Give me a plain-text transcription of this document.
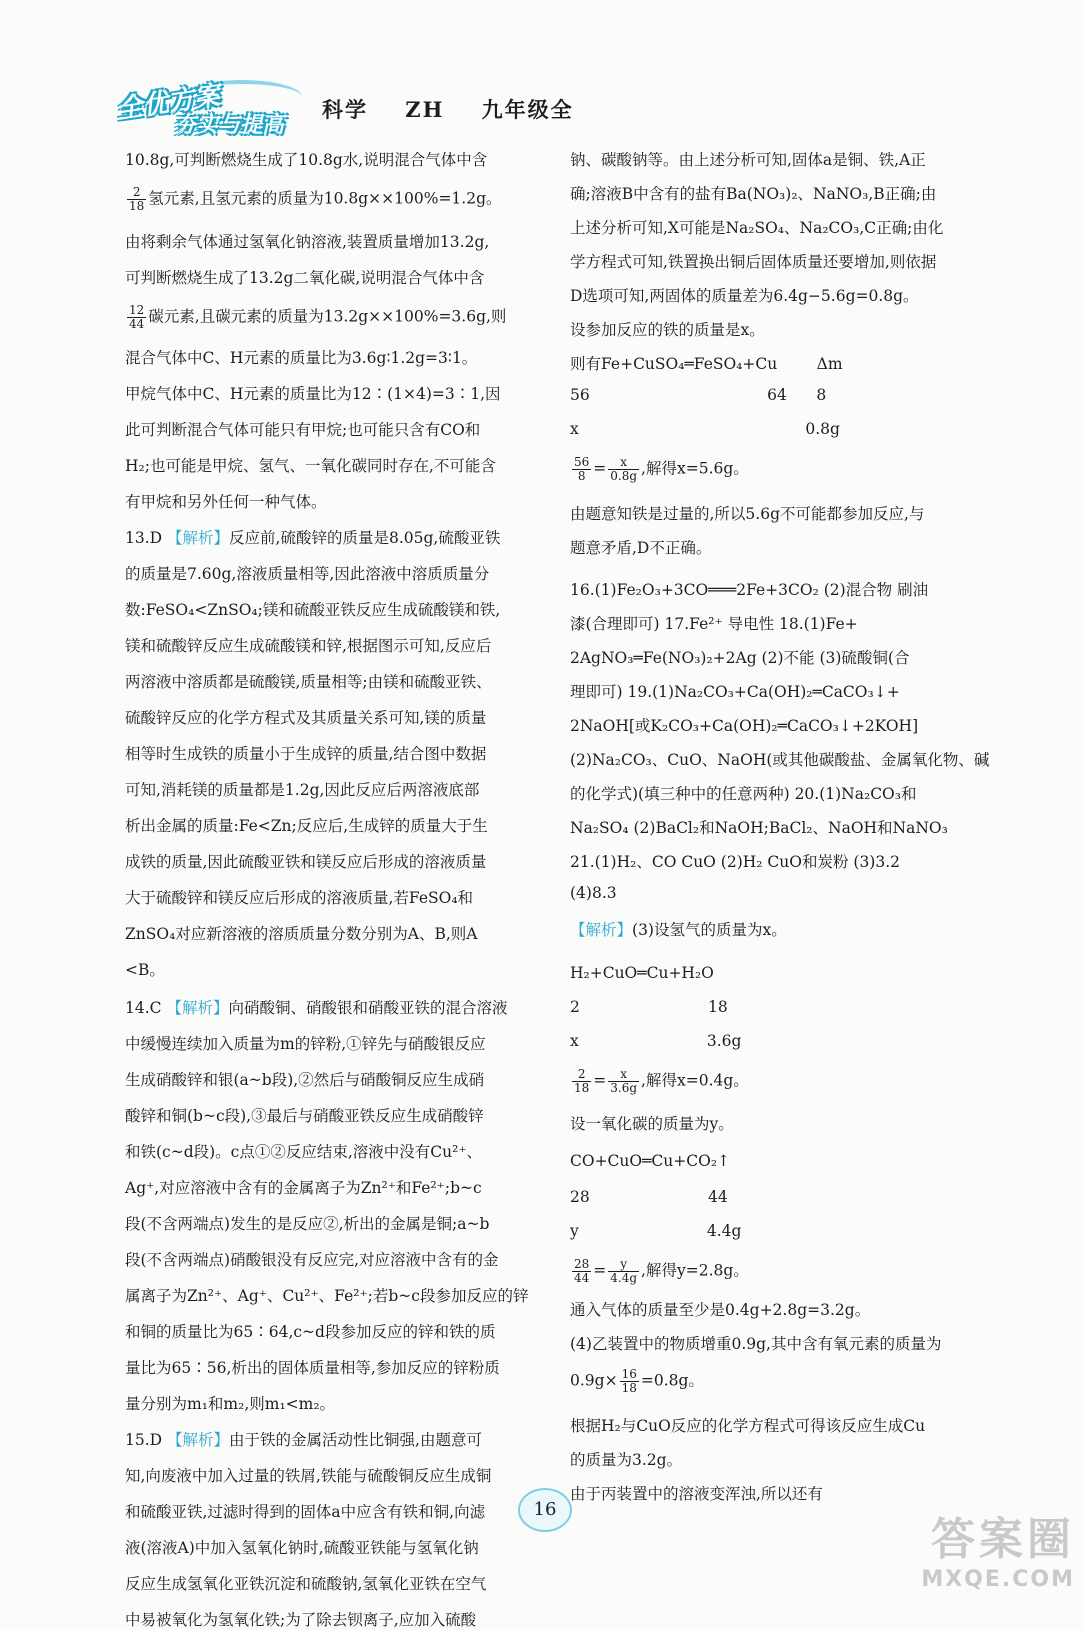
全优方案
夯实与提高
科学    ZH    九年级全
10.8g,可判断燃烧生成了10.8g水,说明混合气体中含
$\frac{2}{18}$ 氢元素,且氢元素的质量为10.8g××100%=1.2g。
由将剩余气体通过氢氧化钠溶液,装置质量增加13.2g,
可判断燃烧生成了13.2g二氧化碳,说明混合气体中含
$\frac{12}{44}$ 碳元素,且碳元素的质量为13.2g××100%=3.6g,则
混合气体中C、H元素的质量比为3.6g∶1.2g=3∶1。
甲烷气体中C、H元素的质量比为12∶(1×4)=3∶1,因
此可判断混合气体可能只有甲烷;也可能只含有CO和
H₂;也可能是甲烷、氢气、一氧化碳同时存在,不可能含
有甲烷和另外任何一种气体。
13.D 【解析】反应前,硫酸锌的质量是8.05g,硫酸亚铁
的质量是7.60g,溶液质量相等,因此溶液中溶质质量分
数:FeSO₄<ZnSO₄;镁和硫酸亚铁反应生成硫酸镁和铁,
镁和硫酸锌反应生成硫酸镁和锌,根据图示可知,反应后
两溶液中溶质都是硫酸镁,质量相等;由镁和硫酸亚铁、
硫酸锌反应的化学方程式及其质量关系可知,镁的质量
相等时生成铁的质量小于生成锌的质量,结合图中数据
可知,消耗镁的质量都是1.2g,因此反应后两溶液底部
析出金属的质量:Fe<Zn;反应后,生成锌的质量大于生
成铁的质量,因此硫酸亚铁和镁反应后形成的溶液质量
大于硫酸锌和镁反应后形成的溶液质量,若FeSO₄和
ZnSO₄对应新溶液的溶质质量分数分别为A、B,则A
<B。
14.C 【解析】向硝酸铜、硝酸银和硝酸亚铁的混合溶液
中缓慢连续加入质量为m的锌粉,①锌先与硝酸银反应
生成硝酸锌和银(a~b段),②然后与硝酸铜反应生成硝
酸锌和铜(b~c段),③最后与硝酸亚铁反应生成硝酸锌
和铁(c~d段)。c点①②反应结束,溶液中没有Cu²⁺、
Ag⁺,对应溶液中含有的金属离子为Zn²⁺和Fe²⁺;b~c
段(不含两端点)发生的是反应②,析出的金属是铜;a~b
段(不含两端点)硝酸银没有反应完,对应溶液中含有的金
属离子为Zn²⁺、Ag⁺、Cu²⁺、Fe²⁺;若b~c段参加反应的锌
和铜的质量比为65∶64,c~d段参加反应的锌和铁的质
量比为65∶56,析出的固体质量相等,参加反应的锌粉质
量分别为m₁和m₂,则m₁<m₂。
15.D 【解析】由于铁的金属活动性比铜强,由题意可
知,向废液中加入过量的铁屑,铁能与硫酸铜反应生成铜
和硫酸亚铁,过滤时得到的固体a中应含有铁和铜,向滤
液(溶液A)中加入氢氧化钠时,硫酸亚铁能与氢氧化钠
反应生成氢氧化亚铁沉淀和硫酸钠,氢氧化亚铁在空气
中易被氧化为氢氧化铁;为了除去钡离子,应加入硫酸
钠、碳酸钠等。由上述分析可知,固体a是铜、铁,A正
确;溶液B中含有的盐有Ba(NO₃)₂、NaNO₃,B正确;由
上述分析可知,X可能是Na₂SO₄、Na₂CO₃,C正确;由化
学方程式可知,铁置换出铜后固体质量还要增加,则依据
D选项可知,两固体的质量差为6.4g−5.6g=0.8g。
设参加反应的铁的质量是x。
则有Fe+CuSO₄═FeSO₄+Cu        Δm
56                                    64      8
x                                              0.8g
$\frac{56}{8} = \frac{x}{0.8g}$ ,解得x=5.6g。
由题意知铁是过量的,所以5.6g不可能都参加反应,与
题意矛盾,D不正确。
16.(1)Fe₂O₃+3CO═══2Fe+3CO₂ (2)混合物 刷油
漆(合理即可) 17.Fe²⁺ 导电性 18.(1)Fe+
2AgNO₃═Fe(NO₃)₂+2Ag (2)不能 (3)硫酸铜(合
理即可) 19.(1)Na₂CO₃+Ca(OH)₂═CaCO₃↓+
2NaOH[或K₂CO₃+Ca(OH)₂═CaCO₃↓+2KOH]
(2)Na₂CO₃、CuO、NaOH(或其他碳酸盐、金属氧化物、碱
的化学式)(填三种中的任意两种) 20.(1)Na₂CO₃和
Na₂SO₄ (2)BaCl₂和NaOH;BaCl₂、NaOH和NaNO₃
21.(1)H₂、CO CuO (2)H₂ CuO和炭粉 (3)3.2
(4)8.3
【解析】(3)设氢气的质量为x。
H₂+CuO═Cu+H₂O
2                          18
x                          3.6g
$\frac{2}{18} = \frac{x}{3.6g}$ ,解得x=0.4g。
设一氧化碳的质量为y。
CO+CuO═Cu+CO₂↑
28                        44
y                          4.4g
$\frac{28}{44} = \frac{y}{4.4g}$ ,解得y=2.8g。
通入气体的质量至少是0.4g+2.8g=3.2g。
(4)乙装置中的物质增重0.9g,其中含有氧元素的质量为
$0.9g\times \frac{16}{18} =0.8g$。
根据H₂与CuO反应的化学方程式可得该反应生成Cu
的质量为3.2g。
由于丙装置中的溶液变浑浊,所以还有
16
答案圈
MXQE.COM
